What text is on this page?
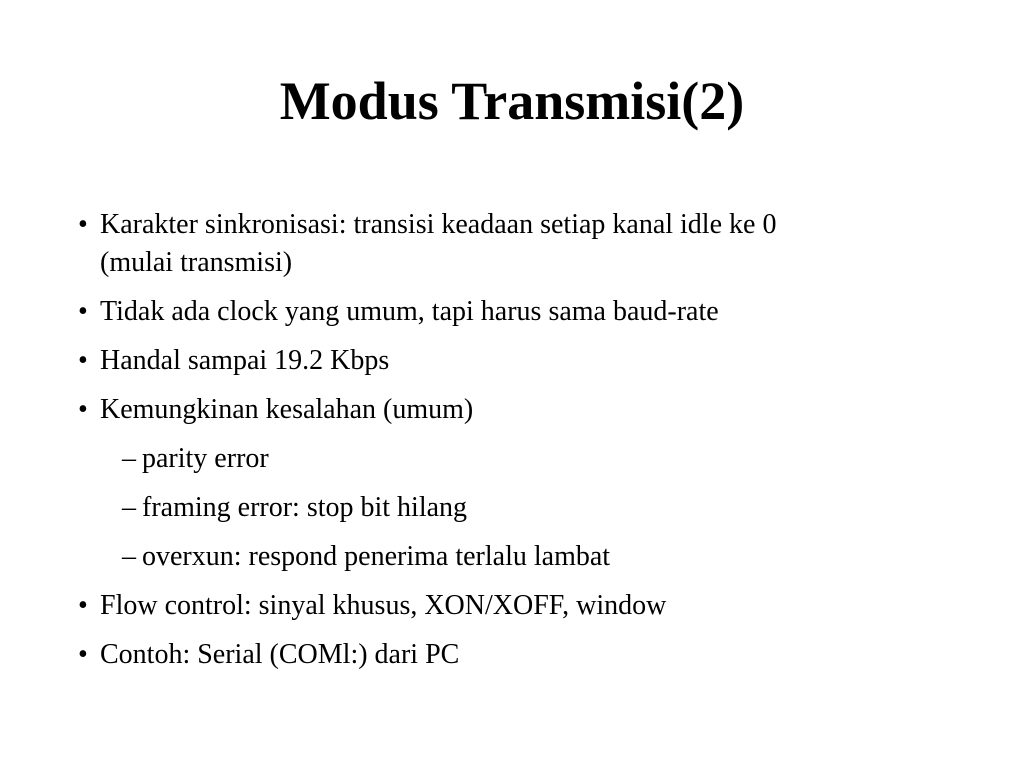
Modus Transmisi(2)
• Karakter sinkronisasi: transisi keadaan setiap kanal idle ke 0
(mulai transmisi)
• Tidak ada clock yang umum, tapi harus sama baud-rate
• Handal sampai 19.2 Kbps
• Kemungkinan kesalahan (umum)
– parity error
– framing error: stop bit hilang
– overxun: respond penerima terlalu lambat
• Flow control: sinyal khusus, XON/XOFF, window
• Contoh: Serial (COMl:) dari PC
